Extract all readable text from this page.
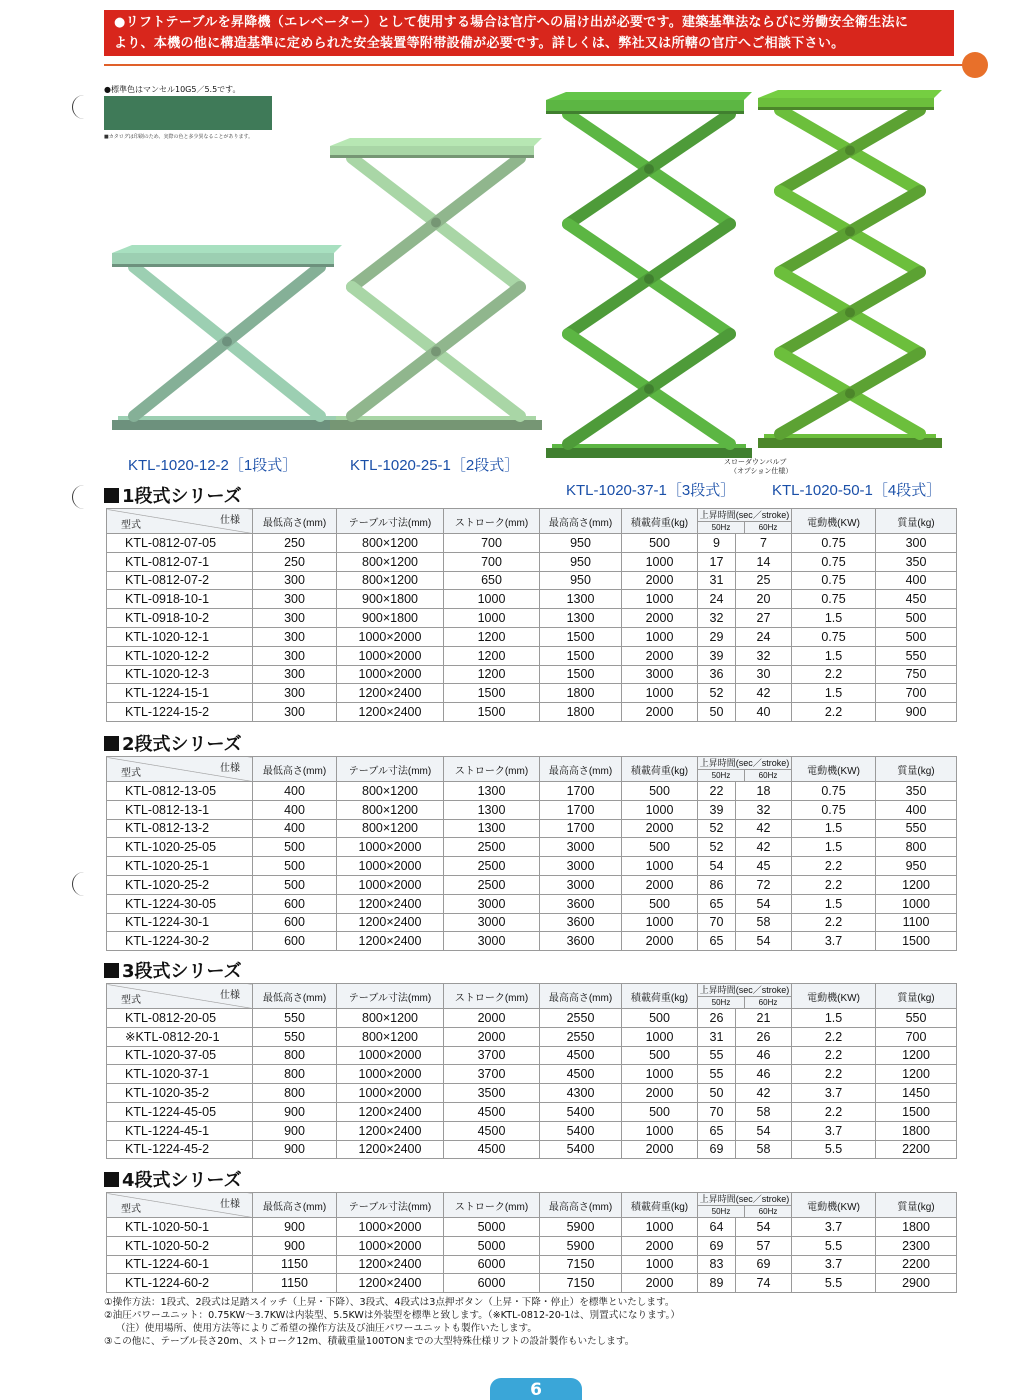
●リフトテーブルを昇降機（エレベーター）として使用する場合は官庁への届け出が必要です。建築基準法ならびに労働安全衛生法に
より、本機の他に構造基準に定められた安全装置等附帯設備が必要です。詳しくは、弊社又は所轄の官庁へご相談下さい。
●標準色はマンセル10G5／5.5です。
■カタログは印刷のため、実際の色と多少異なることがあります。
KTL-1020-12-2［1段式］	KTL-1020-25-1［2段式］
KTL-1020-37-1［3段式］ KTL-1020-50-1［4段式］
スローダウンバルブ
（オプション仕様）
1段式シリーズ
2段式シリーズ
3段式シリーズ
4段式シリーズ
仕様
型式	最低高さ(mm)	テーブル寸法(mm)	ストローク(mm)	最高高さ(mm)	積載荷重(kg)	上昇時間(sec／stroke)
50Hz 60Hz		電動機(KW)	質量(kg)
KTL-0812-07-05	250	800×1200	700	950	500	9	7	0.75	300
KTL-0812-07-1	250	800×1200	700	950	1000	17	14	0.75	350
KTL-0812-07-2	300	800×1200	650	950	2000	31	25	0.75	400
KTL-0918-10-1	300	900×1800	1000	1300	1000	24	20	0.75	450
KTL-0918-10-2	300	900×1800	1000	1300	2000	32	27	1.5	500
KTL-1020-12-1	300	1000×2000	1200	1500	1000	29	24	0.75	500
KTL-1020-12-2	300	1000×2000	1200	1500	2000	39	32	1.5	550
KTL-1020-12-3	300	1000×2000	1200	1500	3000	36	30	2.2	750
KTL-1224-15-1	300	1200×2400	1500	1800	1000	52	42	1.5	700
KTL-1224-15-2	300	1200×2400	1500	1800	2000	50	40	2.2	900
仕様
型式	最低高さ(mm)	テーブル寸法(mm)	ストローク(mm)	最高高さ(mm)	積載荷重(kg)	上昇時間(sec／stroke)
50Hz 60Hz		電動機(KW)	質量(kg)
KTL-0812-13-05	400	800×1200	1300	1700	500	22	18	0.75	350
KTL-0812-13-1	400	800×1200	1300	1700	1000	39	32	0.75	400
KTL-0812-13-2	400	800×1200	1300	1700	2000	52	42	1.5	550
KTL-1020-25-05	500	1000×2000	2500	3000	500	52	42	1.5	800
KTL-1020-25-1	500	1000×2000	2500	3000	1000	54	45	2.2	950
KTL-1020-25-2	500	1000×2000	2500	3000	2000	86	72	2.2	1200
KTL-1224-30-05	600	1200×2400	3000	3600	500	65	54	1.5	1000
KTL-1224-30-1	600	1200×2400	3000	3600	1000	70	58	2.2	1100
KTL-1224-30-2	600	1200×2400	3000	3600	2000	65	54	3.7	1500
仕様
型式	最低高さ(mm)	テーブル寸法(mm)	ストローク(mm)	最高高さ(mm)	積載荷重(kg)	上昇時間(sec／stroke)
50Hz 60Hz		電動機(KW)	質量(kg)
KTL-0812-20-05	550	800×1200	2000	2550	500	26	21	1.5	550
※KTL-0812-20-1	550	800×1200	2000	2550	1000	31	26	2.2	700
KTL-1020-37-05	800	1000×2000	3700	4500	500	55	46	2.2	1200
KTL-1020-37-1	800	1000×2000	3700	4500	1000	55	46	2.2	1200
KTL-1020-35-2	800	1000×2000	3500	4300	2000	50	42	3.7	1450
KTL-1224-45-05	900	1200×2400	4500	5400	500	70	58	2.2	1500
KTL-1224-45-1	900	1200×2400	4500	5400	1000	65	54	3.7	1800
KTL-1224-45-2	900	1200×2400	4500	5400	2000	69	58	5.5	2200
仕様
型式	最低高さ(mm)	テーブル寸法(mm)	ストローク(mm)	最高高さ(mm)	積載荷重(kg)	上昇時間(sec／stroke)
50Hz 60Hz		電動機(KW)	質量(kg)
KTL-1020-50-1	900	1000×2000	5000	5900	1000	64	54	3.7	1800
KTL-1020-50-2	900	1000×2000	5000	5900	2000	69	57	5.5	2300
KTL-1224-60-1	1150	1200×2400	6000	7150	1000	83	69	3.7	2200
KTL-1224-60-2	1150	1200×2400	6000	7150	2000	89	74	5.5	2900

①操作方法：1段式、2段式は足踏スイッチ（上昇・下降）、3段式、4段式は3点押ボタン（上昇・下降・停止）を標準といたします。

②油圧パワーユニット：0.75KW～3.7KWは内装型、5.5KWは外装型を標準と致します。（※KTL-0812-20-1は、別置式になります。）

（注）使用場所、使用方法等によりご希望の操作方法及び油圧パワーユニットも製作いたします。

③この他に、テーブル長さ20m、ストローク12m、積載重量100TONまでの大型特殊仕様リフトの設計製作もいたします。

6
